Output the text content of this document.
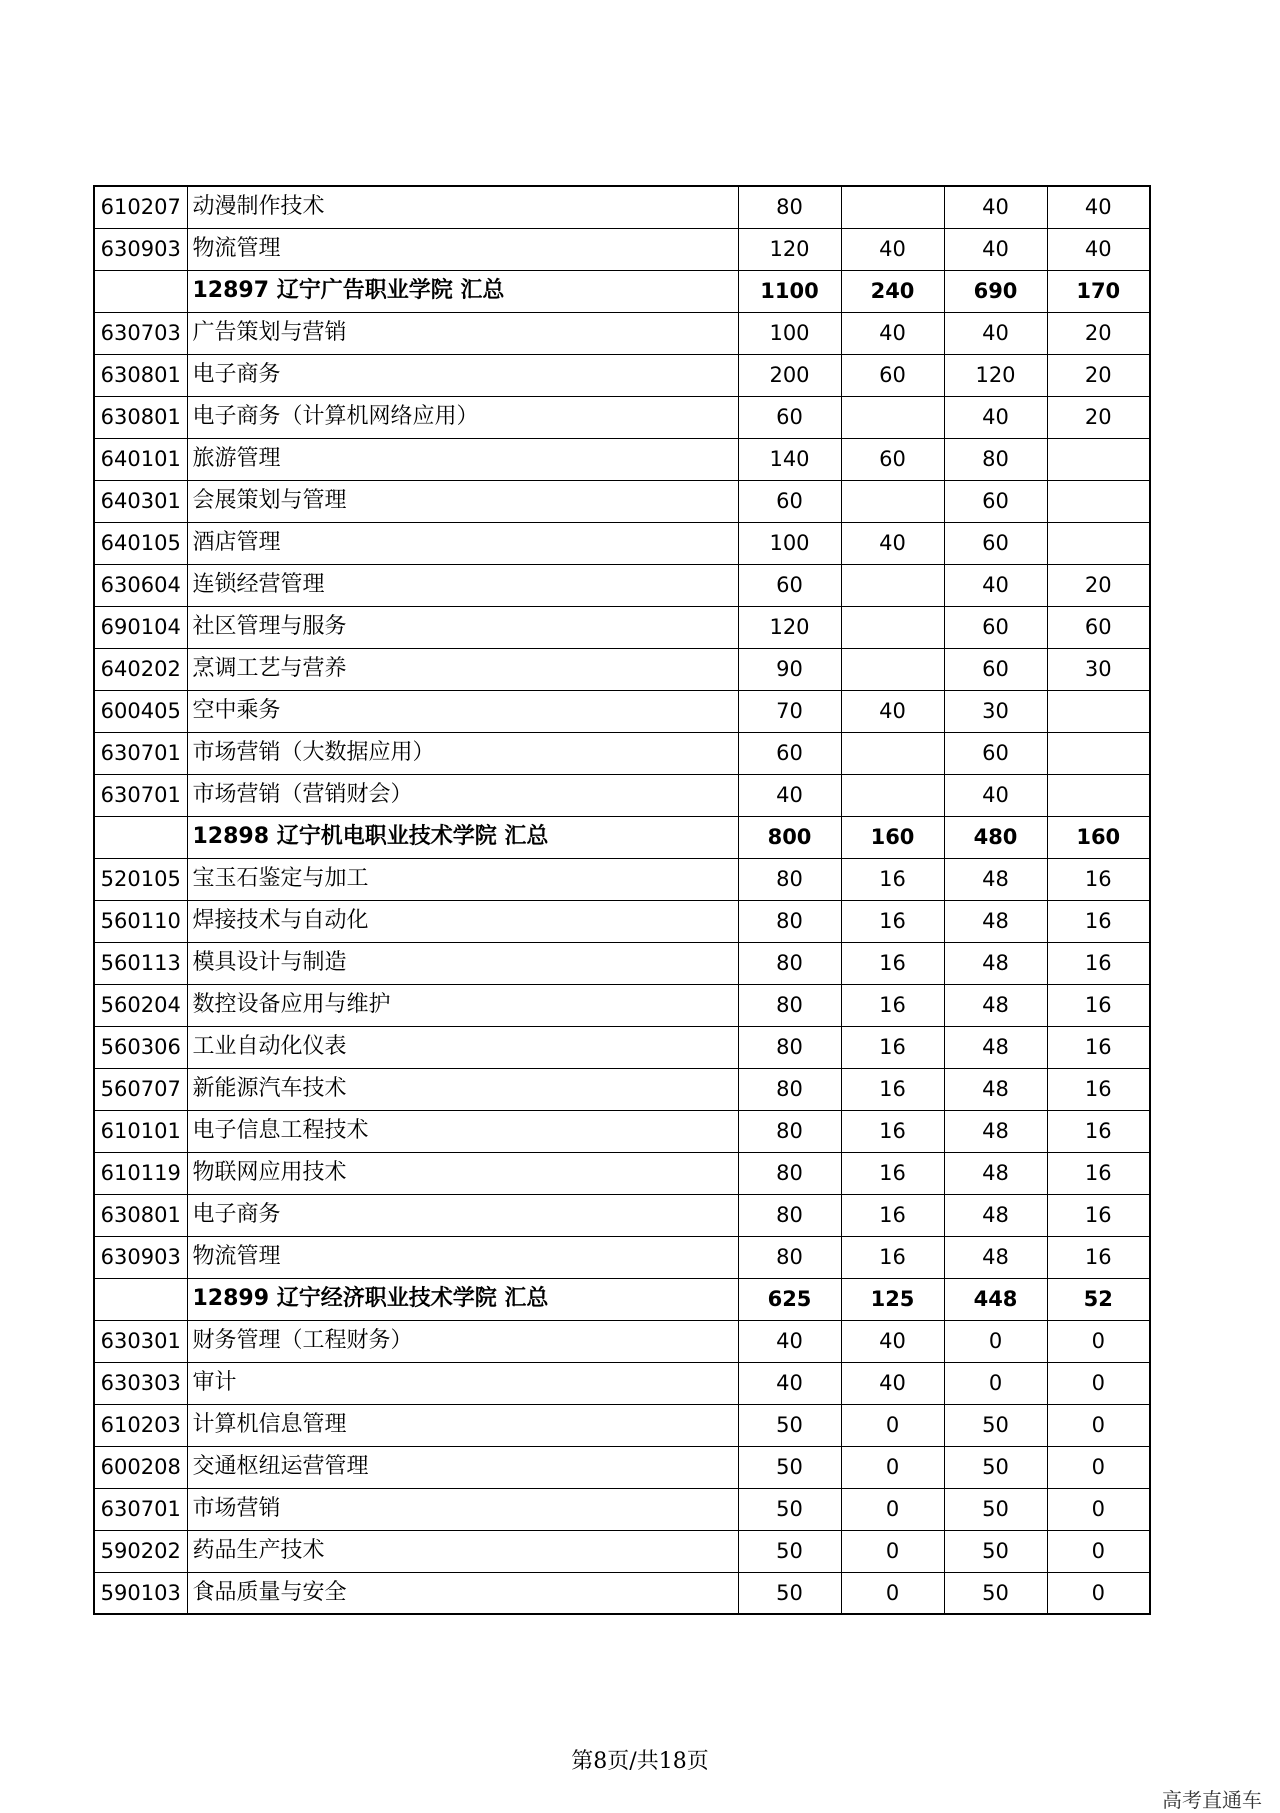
610207	动漫制作技术	80		40	40
630903	物流管理	120	40	40	40
	12897 辽宁广告职业学院 汇总	1100	240	690	170
630703	广告策划与营销	100	40	40	20
630801	电子商务	200	60	120	20
630801	电子商务（计算机网络应用）	60		40	20
640101	旅游管理	140	60	80	
640301	会展策划与管理	60		60	
640105	酒店管理	100	40	60	
630604	连锁经营管理	60		40	20
690104	社区管理与服务	120		60	60
640202	烹调工艺与营养	90		60	30
600405	空中乘务	70	40	30	
630701	市场营销（大数据应用）	60		60	
630701	市场营销（营销财会）	40		40	
	12898 辽宁机电职业技术学院 汇总	800	160	480	160
520105	宝玉石鉴定与加工	80	16	48	16
560110	焊接技术与自动化	80	16	48	16
560113	模具设计与制造	80	16	48	16
560204	数控设备应用与维护	80	16	48	16
560306	工业自动化仪表	80	16	48	16
560707	新能源汽车技术	80	16	48	16
610101	电子信息工程技术	80	16	48	16
610119	物联网应用技术	80	16	48	16
630801	电子商务	80	16	48	16
630903	物流管理	80	16	48	16
	12899 辽宁经济职业技术学院 汇总	625	125	448	52
630301	财务管理（工程财务）	40	40	0	0
630303	审计	40	40	0	0
610203	计算机信息管理	50	0	50	0
600208	交通枢纽运营管理	50	0	50	0
630701	市场营销	50	0	50	0
590202	药品生产技术	50	0	50	0
590103	食品质量与安全	50	0	50	0
第8页/共18页
高考直通车
